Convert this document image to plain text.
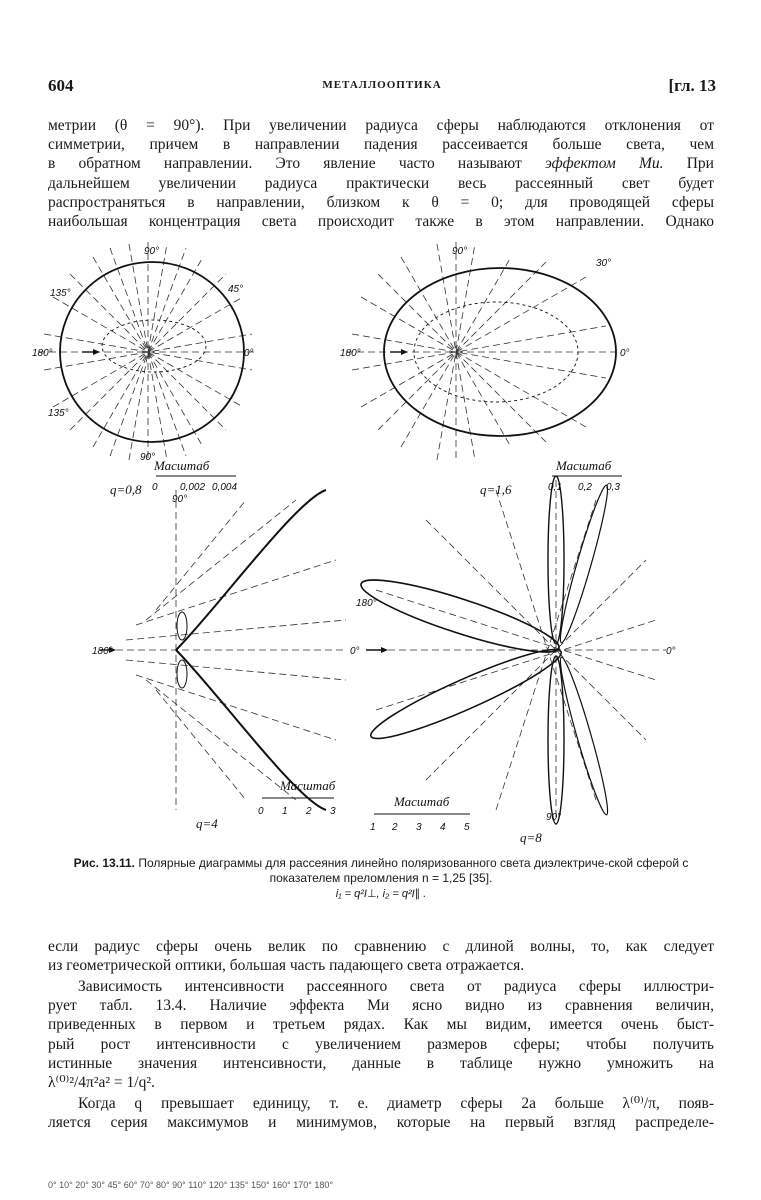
604	МЕТАЛЛООПТИКА	[гл. 13
метрии (θ = 90°). При увеличении радиуса сферы наблюдаются отклонения от
симметрии, причем в направлении падения рассеивается больше света, чем
в обратном направлении. Это явление часто называют эффектом Ми. При
дальнейшем увеличении радиуса практически весь рассеянный свет будет
распространяться в направлении, близком к θ = 0; для проводящей сферы
наибольшая концентрация света происходит также в этом направлении. Однако
0°
45°
90°
90°
180°
135°
135°
q=0,8
Масштаб
0 0,002 0,004
0°
30°
90°
180°
q=1,6
Масштаб
0,1 0,2 0,3
0°
90°
180°
q=4
Масштаб
0 1 2 3
0°
90°
180°
q=8
Масштаб
1 2 3 4 5
Рис. 13.11. Полярные диаграммы для рассеяния линейно поляризованного света диэлектриче-ской сферой с показателем преломления n = 1,25 [35].
i₁ = q²I⊥, i₂ = q²I∥ .
если радиус сферы очень велик по сравнению с длиной волны, то, как следует
из геометрической оптики, большая часть падающего света отражается.
Зависимость интенсивности рассеянного света от радиуса сферы иллюстри-
рует табл. 13.4. Наличие эффекта Ми ясно видно из сравнения величин,
приведенных в первом и третьем рядах. Как мы видим, имеется очень быст-
рый рост интенсивности с увеличением размеров сферы; чтобы получить
истинные значения интенсивности, данные в таблице нужно умножить на
λ⁽⁰⁾²/4π²a² = 1/q².
Когда q превышает единицу, т. е. диаметр сферы 2a больше λ⁽⁰⁾/π, появ-
ляется серия максимумов и минимумов, которые на первый взгляд распределе-
0° 10° 20° 30° 45° 60° 70° 80° 90° 110° 120° 135° 150° 160° 170° 180°
